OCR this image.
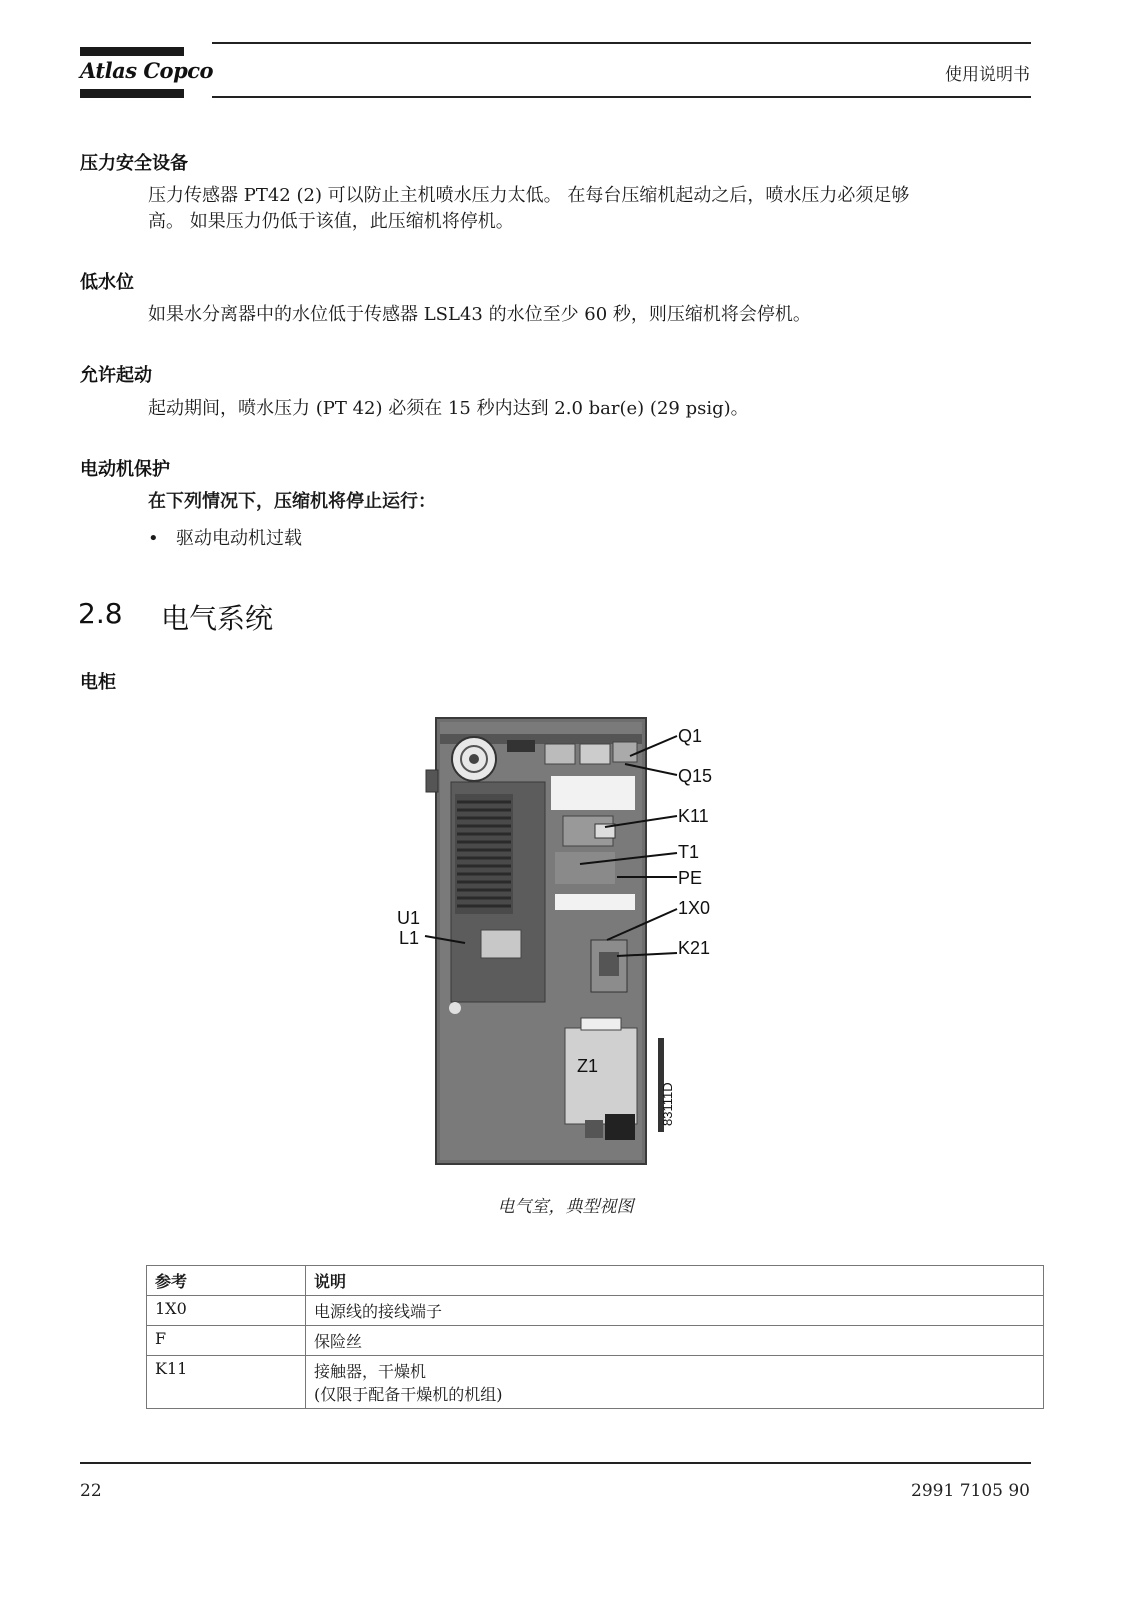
Atlas Copco	使用说明书
压力安全设备
压力传感器 PT42 (2) 可以防止主机喷水压力太低。 在每台压缩机起动之后，喷水压力必须足够
高。 如果压力仍低于该值，此压缩机将停机。
低水位
如果水分离器中的水位低于传感器 LSL43 的水位至少 60 秒，则压缩机将会停机。
允许起动
起动期间，喷水压力 (PT 42) 必须在 15 秒内达到 2.0 bar(e) (29 psig)。
电动机保护
在下列情况下，压缩机将停止运行：
• 驱动电动机过载
2.8 电气系统
电柜
Q1
Q15
K11
T1
PE
1X0
K21
U1
L1
Z1
83111D
电气室，典型视图
参考	说明
1X0	电源线的接线端子
F	保险丝
K11	接触器，干燥机
(仅限于配备干燥机的机组)
22	2991 7105 90
